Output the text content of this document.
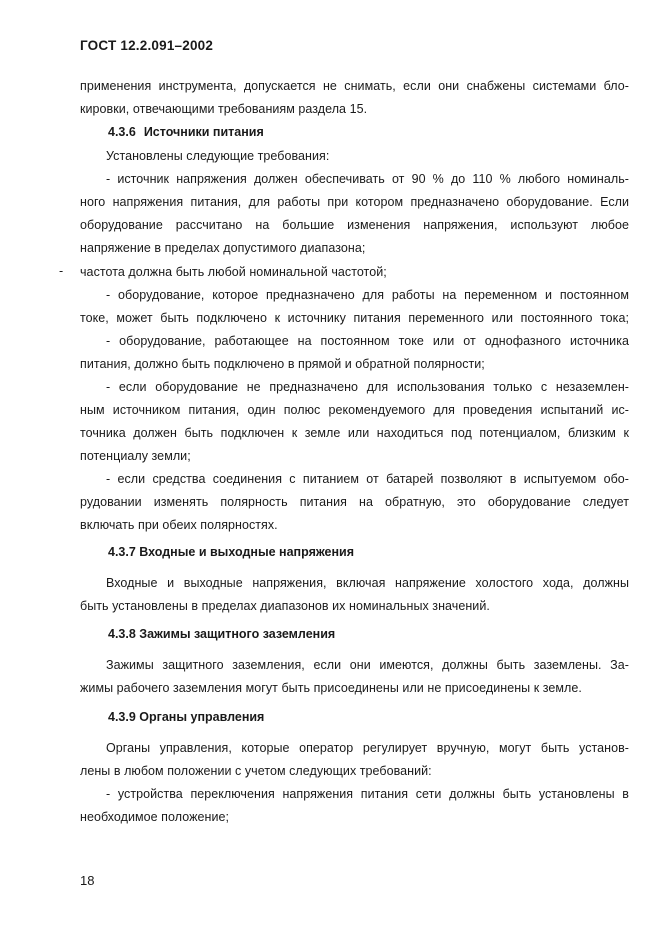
ГОСТ 12.2.091–2002
применения инструмента, допускается не снимать, если они снабжены системами бло-
кировки, отвечающими требованиям раздела 15.
4.3.6 Источники питания
Установлены следующие требования:
- источник напряжения должен обеспечивать от 90 % до 110 % любого номиналь-
ного напряжения питания, для работы при котором предназначено оборудование. Если
оборудование рассчитано на большие изменения напряжения, используют любое
напряжение в пределах допустимого диапазона;
- частота должна быть любой номинальной частотой;
- оборудование, которое предназначено для работы на переменном и постоянном
токе, может быть подключено к источнику питания переменного или постоянного тока;
- оборудование, работающее на постоянном токе или от однофазного источника
питания, должно быть подключено в прямой и обратной полярности;
- если оборудование не предназначено для использования только с незаземлен-
ным источником питания, один полюс рекомендуемого для проведения испытаний ис-
точника должен быть подключен к земле или находиться под потенциалом, близким к
потенциалу земли;
- если средства соединения с питанием от батарей позволяют в испытуемом обо-
рудовании изменять полярность питания на обратную, это оборудование следует
включать при обеих полярностях.
4.3.7 Входные и выходные напряжения
Входные и выходные напряжения, включая напряжение холостого хода, должны
быть установлены в пределах диапазонов их номинальных значений.
4.3.8 Зажимы защитного заземления
Зажимы защитного заземления, если они имеются, должны быть заземлены. За-
жимы рабочего заземления могут быть присоединены или не присоединены к земле.
4.3.9 Органы управления
Органы управления, которые оператор регулирует вручную, могут быть установ-
лены в любом положении с учетом следующих требований:
- устройства переключения напряжения питания сети должны быть установлены в
необходимое положение;
18
